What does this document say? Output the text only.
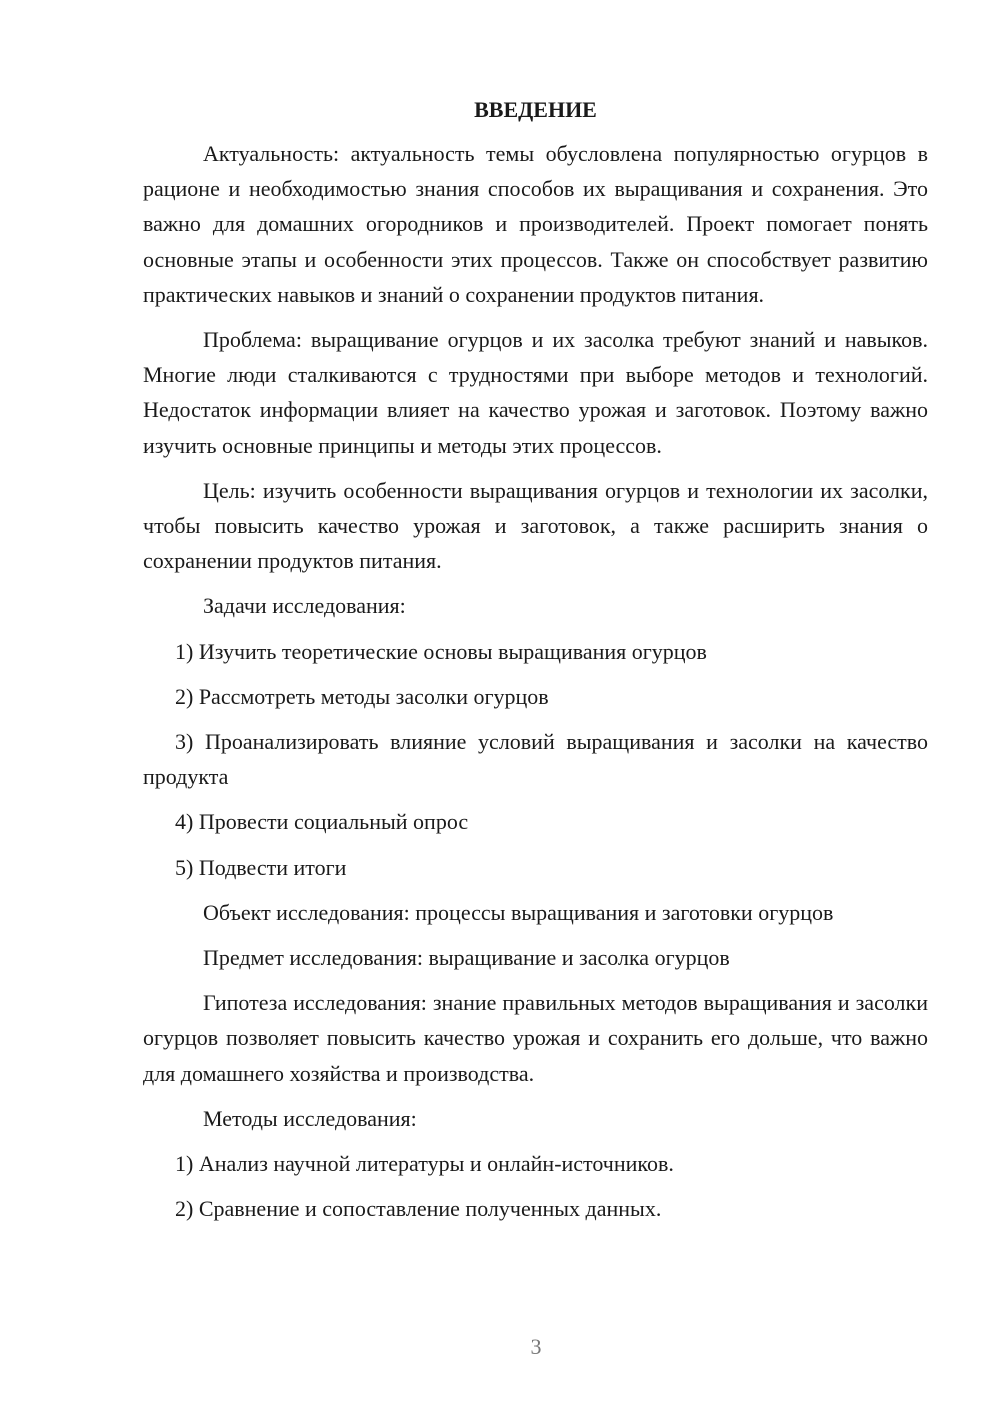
ВВЕДЕНИЕ

Актуальность: актуальность темы обусловлена популярностью огурцов в рационе и необходимостью знания способов их выращивания и сохранения. Это важно для домашних огородников и производителей. Проект помогает понять основные этапы и особенности этих процессов. Также он способствует развитию практических навыков и знаний о сохранении продуктов питания.

Проблема: выращивание огурцов и их засолка требуют знаний и навыков. Многие люди сталкиваются с трудностями при выборе методов и технологий. Недостаток информации влияет на качество урожая и заготовок. Поэтому важно изучить основные принципы и методы этих процессов.

Цель: изучить особенности выращивания огурцов и технологии их засолки, чтобы повысить качество урожая и заготовок, а также расширить знания о сохранении продуктов питания.

Задачи исследования:

1) Изучить теоретические основы выращивания огурцов

2) Рассмотреть методы засолки огурцов

3) Проанализировать влияние условий выращивания и засолки на качество продукта

4) Провести социальный опрос

5) Подвести итоги

Объект исследования: процессы выращивания и заготовки огурцов

Предмет исследования: выращивание и засолка огурцов

Гипотеза исследования: знание правильных методов выращивания и засолки огурцов позволяет повысить качество урожая и сохранить его дольше, что важно для домашнего хозяйства и производства.

Методы исследования:

1) Анализ научной литературы и онлайн-источников.

2) Сравнение и сопоставление полученных данных.

3
